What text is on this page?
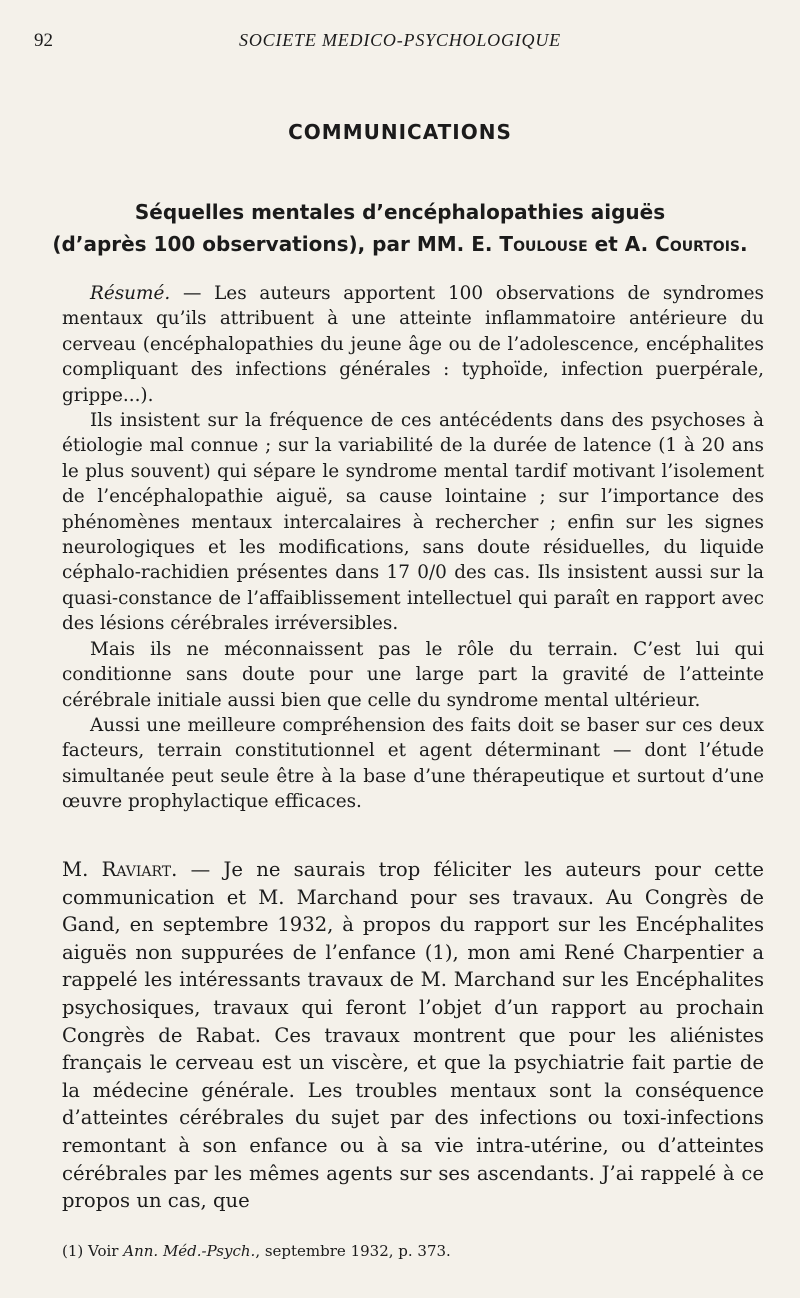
92	SOCIETE MEDICO-PSYCHOLOGIQUE
COMMUNICATIONS
Séquelles mentales d’encéphalopathies aiguës
(d’après 100 observations), par MM. E. Toulouse et A. Courtois.

Résumé. — Les auteurs apportent 100 observations de syndromes mentaux qu’ils attribuent à une atteinte inflammatoire antérieure du cerveau (encéphalopathies du jeune âge ou de l’adolescence, encéphalites compliquant des infections générales : typhoïde, infection puerpérale, grippe...).

Ils insistent sur la fréquence de ces antécédents dans des psychoses à étiologie mal connue ; sur la variabilité de la durée de latence (1 à 20 ans le plus souvent) qui sépare le syndrome mental tardif motivant l’isolement de l’encéphalopathie aiguë, sa cause lointaine ; sur l’importance des phénomènes mentaux intercalaires à rechercher ; enfin sur les signes neurologiques et les modifications, sans doute résiduelles, du liquide céphalo-rachidien présentes dans 17 0/0 des cas. Ils insistent aussi sur la quasi-constance de l’affaiblissement intellectuel qui paraît en rapport avec des lésions cérébrales irréversibles.

Mais ils ne méconnaissent pas le rôle du terrain. C’est lui qui conditionne sans doute pour une large part la gravité de l’atteinte cérébrale initiale aussi bien que celle du syndrome mental ultérieur.

Aussi une meilleure compréhension des faits doit se baser sur ces deux facteurs, terrain constitutionnel et agent déterminant — dont l’étude simultanée peut seule être à la base d’une thérapeutique et surtout d’une œuvre prophylactique efficaces.

M. Raviart. — Je ne saurais trop féliciter les auteurs pour cette communication et M. Marchand pour ses travaux. Au Congrès de Gand, en septembre 1932, à propos du rapport sur les Encéphalites aiguës non suppurées de l’enfance (1), mon ami René Charpentier a rappelé les intéressants travaux de M. Marchand sur les Encéphalites psychosiques, travaux qui feront l’objet d’un rapport au prochain Congrès de Rabat. Ces travaux montrent que pour les aliénistes français le cerveau est un viscère, et que la psychiatrie fait partie de la médecine générale. Les troubles mentaux sont la conséquence d’atteintes cérébrales du sujet par des infections ou toxi-infections remontant à son enfance ou à sa vie intra-utérine, ou d’atteintes cérébrales par les mêmes agents sur ses ascendants. J’ai rappelé à ce propos un cas, que

(1) Voir Ann. Méd.-Psych., septembre 1932, p. 373.
